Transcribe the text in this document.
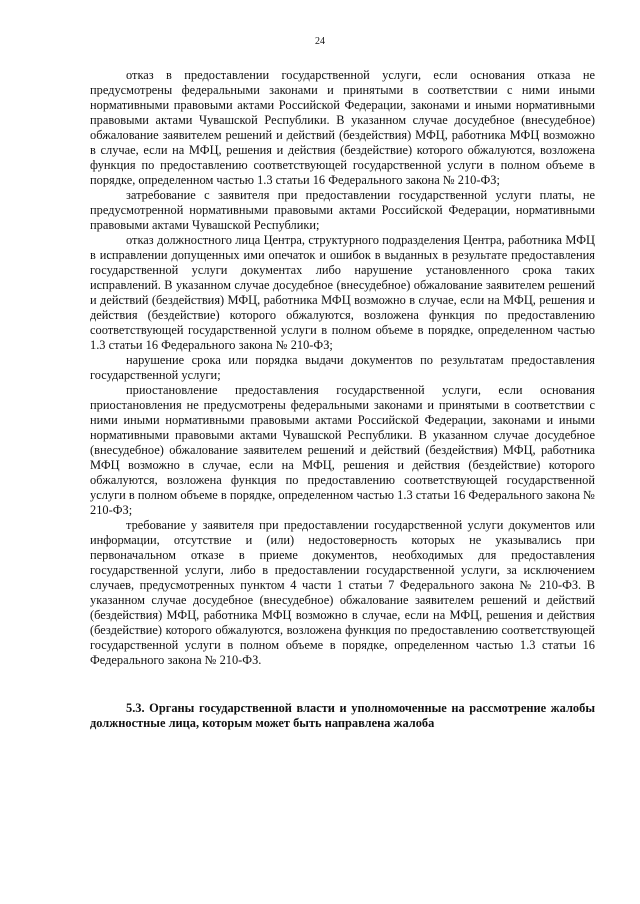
24

отказ в предоставлении государственной услуги, если основания отказа не предусмотрены федеральными законами и принятыми в соответствии с ними иными нормативными правовыми актами Российской Федерации, законами и иными нормативными правовыми актами Чувашской Республики. В указанном случае досудебное (внесудебное) обжалование заявителем решений и действий (бездействия) МФЦ, работника МФЦ возможно в случае, если на МФЦ, решения и действия (бездействие) которого обжалуются, возложена функция по предоставлению соответствующей государственной услуги в полном объеме в порядке, определенном частью 1.3 статьи 16 Федерального закона № 210-ФЗ;

затребование с заявителя при предоставлении государственной услуги платы, не предусмотренной нормативными правовыми актами Российской Федерации, нормативными правовыми актами Чувашской Республики;

отказ должностного лица Центра, структурного подразделения Центра, работника МФЦ в исправлении допущенных ими опечаток и ошибок в выданных в результате предоставления государственной услуги документах либо нарушение установленного срока таких исправлений. В указанном случае досудебное (внесудебное) обжалование заявителем решений и действий (бездействия) МФЦ, работника МФЦ возможно в случае, если на МФЦ, решения и действия (бездействие) которого обжалуются, возложена функция по предоставлению соответствующей государственной услуги в полном объеме в порядке, определенном частью 1.3 статьи 16 Федерального закона № 210-ФЗ;

нарушение срока или порядка выдачи документов по результатам предоставления государственной услуги;

приостановление предоставления государственной услуги, если основания приостановления не предусмотрены федеральными законами и принятыми в соответствии с ними иными нормативными правовыми актами Российской Федерации, законами и иными нормативными правовыми актами Чувашской Республики. В указанном случае досудебное (внесудебное) обжалование заявителем решений и действий (бездействия) МФЦ, работника МФЦ возможно в случае, если на МФЦ, решения и действия (бездействие) которого обжалуются, возложена функция по предоставлению соответствующей государственной услуги в полном объеме в порядке, определенном частью 1.3 статьи 16 Федерального закона № 210-ФЗ;

требование у заявителя при предоставлении государственной услуги документов или информации, отсутствие и (или) недостоверность которых не указывались при первоначальном отказе в приеме документов, необходимых для предоставления государственной услуги, либо в предоставлении государственной услуги, за исключением случаев, предусмотренных пунктом 4 части 1 статьи 7 Федерального закона № 210-ФЗ. В указанном случае досудебное (внесудебное) обжалование заявителем решений и действий (бездействия) МФЦ, работника МФЦ возможно в случае, если на МФЦ, решения и действия (бездействие) которого обжалуются, возложена функция по предоставлению соответствующей государственной услуги в полном объеме в порядке, определенном частью 1.3 статьи 16 Федерального закона № 210-ФЗ.

5.3. Органы государственной власти и уполномоченные на рассмотрение жалобы должностные лица, которым может быть направлена жалоба
